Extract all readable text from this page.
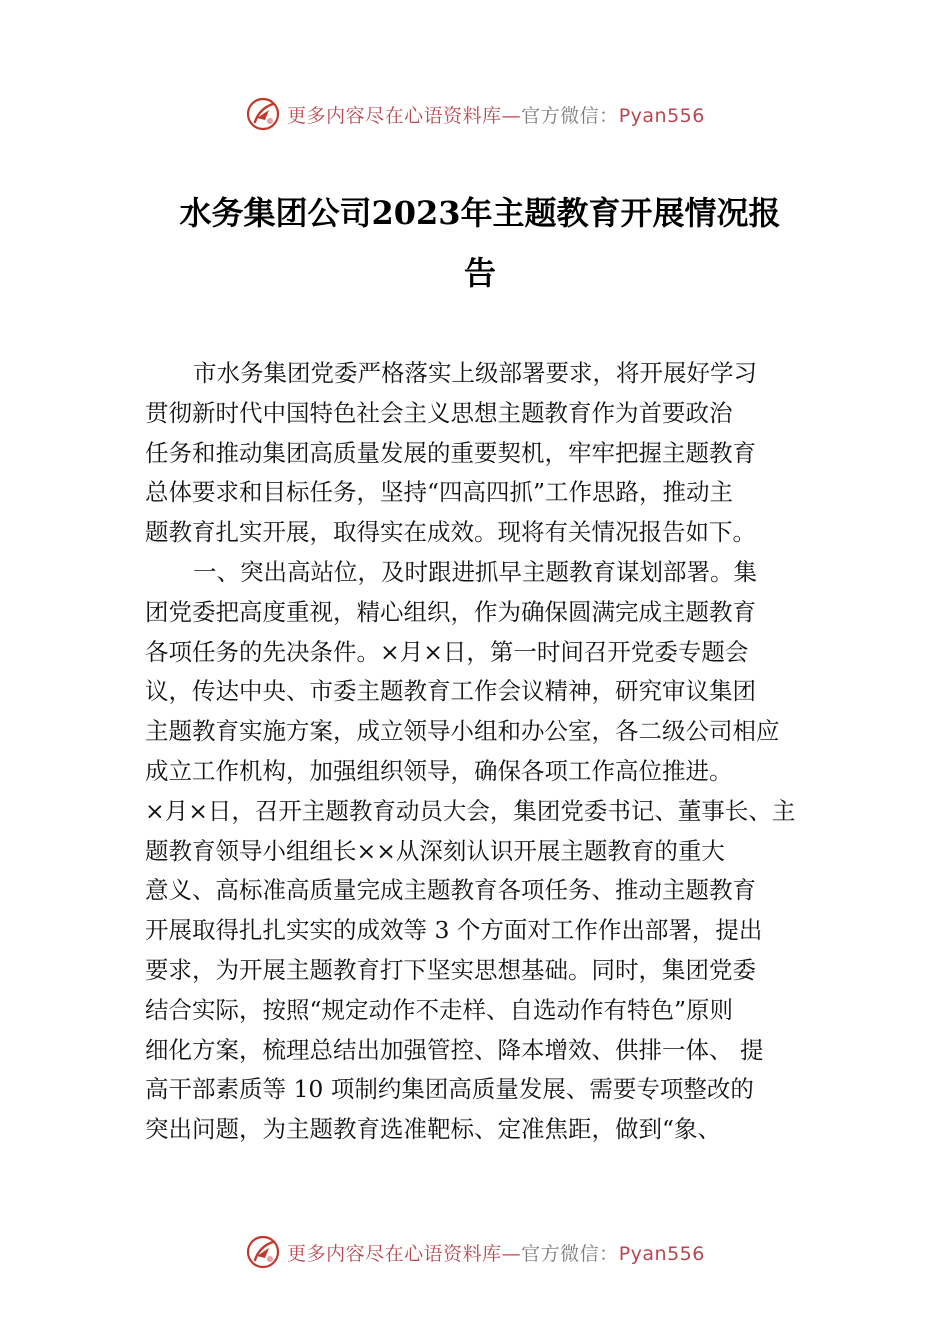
更多内容尽在心语资料库—官方微信：Pyan556
水务集团公司2023年主题教育开展情况报
告
市水务集团党委严格落实上级部署要求，将开展好学习
贯彻新时代中国特色社会主义思想主题教育作为首要政治
任务和推动集团高质量发展的重要契机，牢牢把握主题教育
总体要求和目标任务，坚持“四高四抓”工作思路，推动主
题教育扎实开展，取得实在成效。现将有关情况报告如下。
一、突出高站位，及时跟进抓早主题教育谋划部署。集
团党委把高度重视，精心组织，作为确保圆满完成主题教育
各项任务的先决条件。×月×日，第一时间召开党委专题会
议，传达中央、市委主题教育工作会议精神，研究审议集团
主题教育实施方案，成立领导小组和办公室，各二级公司相应
成立工作机构，加强组织领导，确保各项工作高位推进。
×月×日，召开主题教育动员大会，集团党委书记、董事长、主
题教育领导小组组长××从深刻认识开展主题教育的重大
意义、高标准高质量完成主题教育各项任务、推动主题教育
开展取得扎扎实实的成效等 3 个方面对工作作出部署，提出
要求，为开展主题教育打下坚实思想基础。同时，集团党委
结合实际，按照“规定动作不走样、自选动作有特色”原则
细化方案，梳理总结出加强管控、降本增效、供排一体、 提
高干部素质等 10 项制约集团高质量发展、需要专项整改的
突出问题，为主题教育选准靶标、定准焦距，做到“象、
更多内容尽在心语资料库—官方微信：Pyan556
